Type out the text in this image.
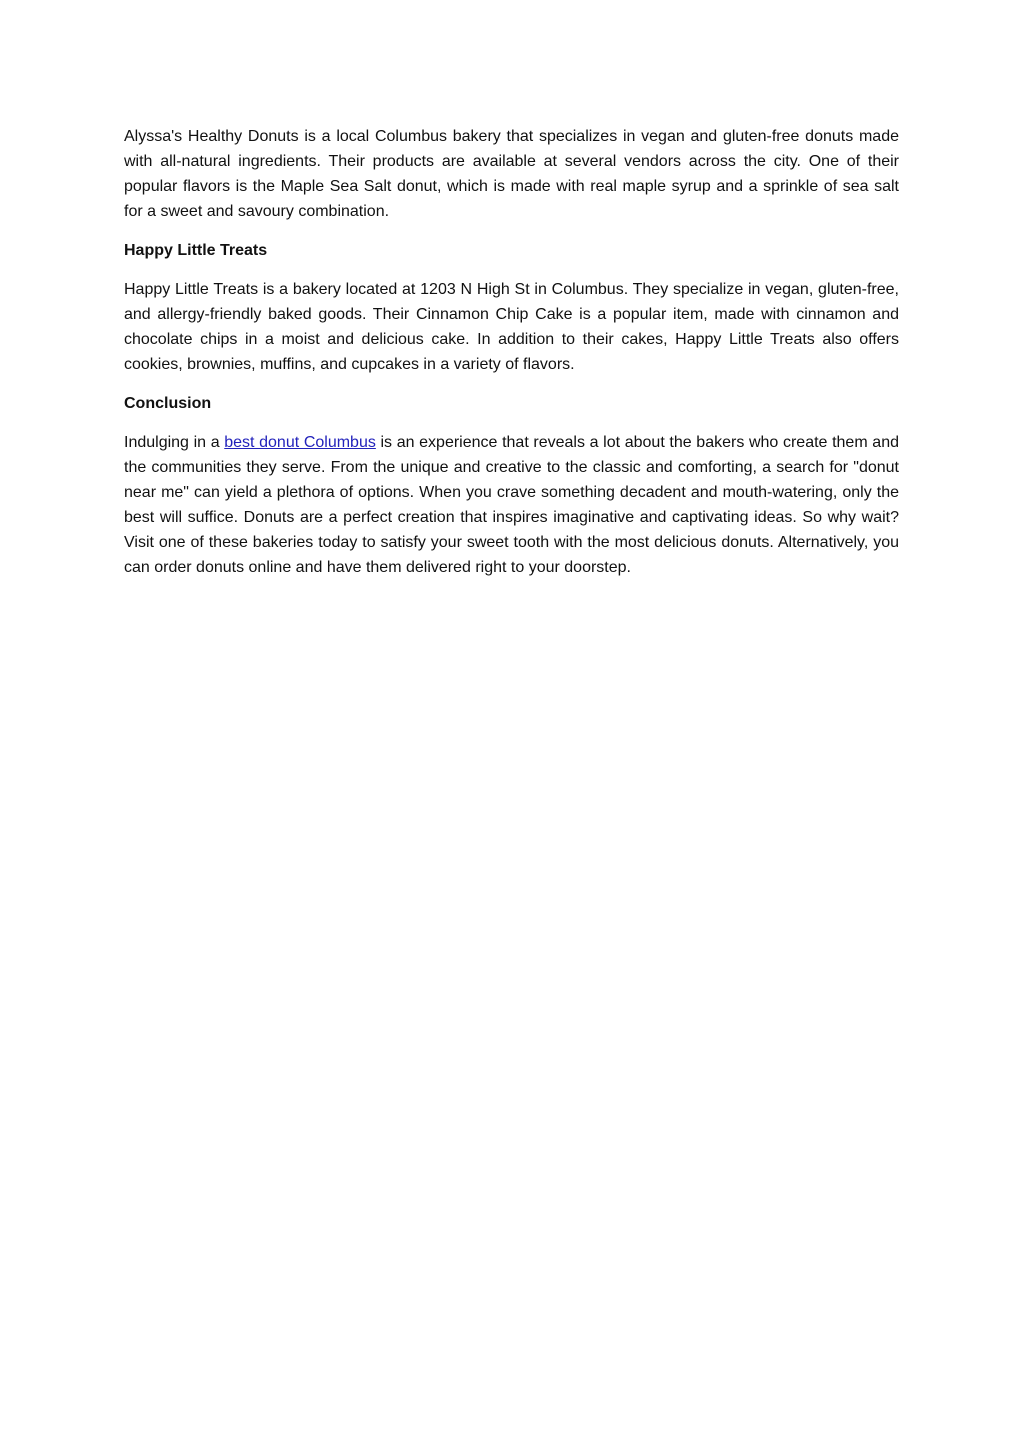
Alyssa's Healthy Donuts is a local Columbus bakery that specializes in vegan and gluten-free donuts made with all-natural ingredients. Their products are available at several vendors across the city. One of their popular flavors is the Maple Sea Salt donut, which is made with real maple syrup and a sprinkle of sea salt for a sweet and savoury combination.

Happy Little Treats

Happy Little Treats is a bakery located at 1203 N High St in Columbus. They specialize in vegan, gluten-free, and allergy-friendly baked goods. Their Cinnamon Chip Cake is a popular item, made with cinnamon and chocolate chips in a moist and delicious cake. In addition to their cakes, Happy Little Treats also offers cookies, brownies, muffins, and cupcakes in a variety of flavors.

Conclusion

Indulging in a best donut Columbus is an experience that reveals a lot about the bakers who create them and the communities they serve. From the unique and creative to the classic and comforting, a search for "donut near me" can yield a plethora of options. When you crave something decadent and mouth-watering, only the best will suffice. Donuts are a perfect creation that inspires imaginative and captivating ideas. So why wait? Visit one of these bakeries today to satisfy your sweet tooth with the most delicious donuts. Alternatively, you can order donuts online and have them delivered right to your doorstep.
